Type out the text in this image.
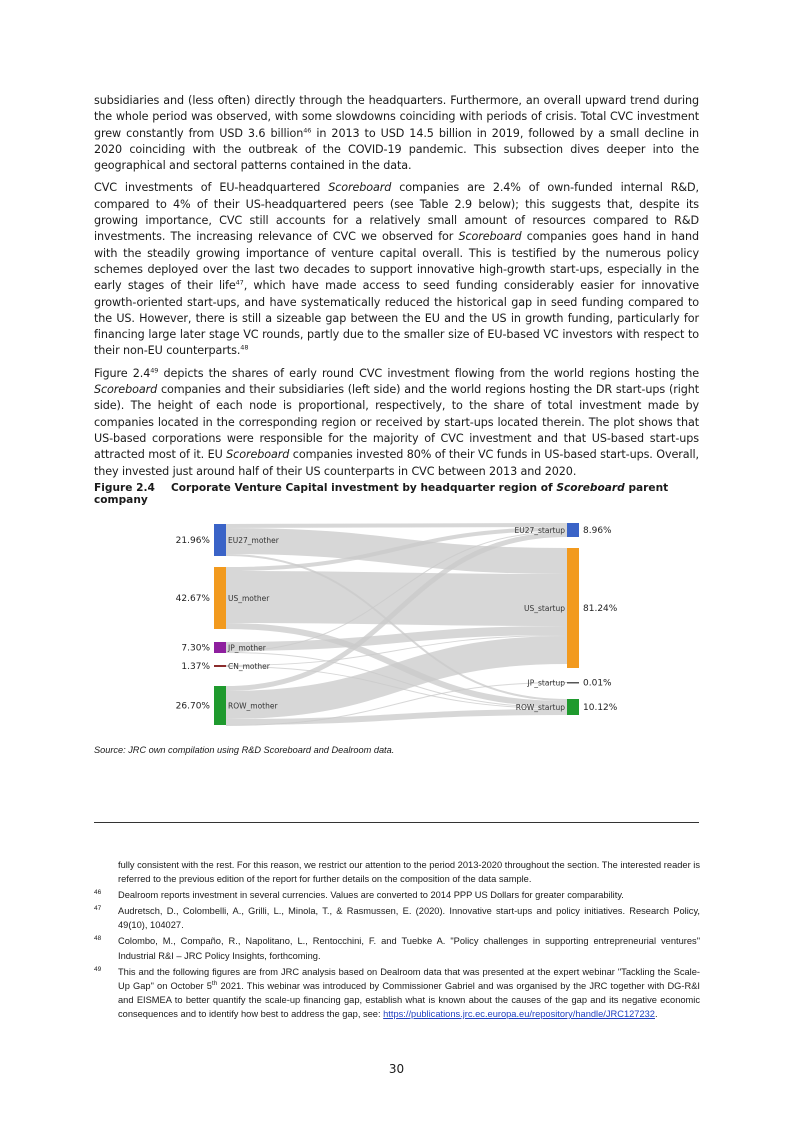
subsidiaries and (less often) directly through the headquarters. Furthermore, an overall upward trend during the whole period was observed, with some slowdowns coinciding with periods of crisis. Total CVC investment grew constantly from USD 3.6 billion$^{46}$ in 2013 to USD 14.5 billion in 2019, followed by a small decline in 2020 coinciding with the outbreak of the COVID-19 pandemic. This subsection dives deeper into the geographical and sectoral patterns contained in the data.

CVC investments of EU-headquartered Scoreboard companies are 2.4% of own-funded internal R&D, compared to 4% of their US-headquartered peers (see Table 2.9 below); this suggests that, despite its growing importance, CVC still accounts for a relatively small amount of resources compared to R&D investments. The increasing relevance of CVC we observed for Scoreboard companies goes hand in hand with the steadily growing importance of venture capital overall. This is testified by the numerous policy schemes deployed over the last two decades to support innovative high-growth start-ups, especially in the early stages of their life$^{47}$, which have made access to seed funding considerably easier for innovative growth-oriented start-ups, and have systematically reduced the historical gap in seed funding compared to the US. However, there is still a sizeable gap between the EU and the US in growth funding, particularly for financing large later stage VC rounds, partly due to the smaller size of EU-based VC investors with respect to their non-EU counterparts.$^{48}$

Figure $2.4^{49}$ depicts the shares of early round CVC investment flowing from the world regions hosting the Scoreboard companies and their subsidiaries (left side) and the world regions hosting the DR start-ups (right side). The height of each node is proportional, respectively, to the share of total investment made by companies located in the corresponding region or received by start-ups located therein. The plot shows that US-based corporations were responsible for the majority of CVC investment and that US-based start-ups attracted most of it. EU Scoreboard companies invested 80% of their VC funds in US-based start-ups. Overall, they invested just around half of their US counterparts in CVC between 2013 and 2020.

Figure 2.4 Corporate Venture Capital investment by headquarter region of Scoreboard parent company
21.96% EU27_mother
42.67% US_mother
7.30% JP_mother
1.37% CN_mother
26.70% ROW_mother
EU27_startup 8.96%
US_startup 81.24%
JP_startup 0.01%
ROW_startup 10.12%
Source: JRC own compilation using R&D Scoreboard and Dealroom data.

fully consistent with the rest. For this reason, we restrict our attention to the period 2013-2020 throughout the section. The interested reader is referred to the previous edition of the report for further details on the composition of the data sample.

46 Dealroom reports investment in several currencies. Values are converted to 2014 PPP US Dollars for greater comparability.

47 Audretsch, D., Colombelli, A., Grilli, L., Minola, T., & Rasmussen, E. (2020). Innovative start-ups and policy initiatives. Research Policy, 49(10), 104027.

48 Colombo, M., Compaño, R., Napolitano, L., Rentocchini, F. and Tuebke A. "Policy challenges in supporting entrepreneurial ventures" Industrial R&I – JRC Policy Insights, forthcoming.

49 This and the following figures are from JRC analysis based on Dealroom data that was presented at the expert webinar "Tackling the Scale-Up Gap" on October 5th 2021. This webinar was introduced by Commissioner Gabriel and was organised by the JRC together with DG-R&I and EISMEA to better quantify the scale-up financing gap, establish what is known about the causes of the gap and its negative economic consequences and to identify how best to address the gap, see: https://publications.jrc.ec.europa.eu/repository/handle/JRC127232.

30
